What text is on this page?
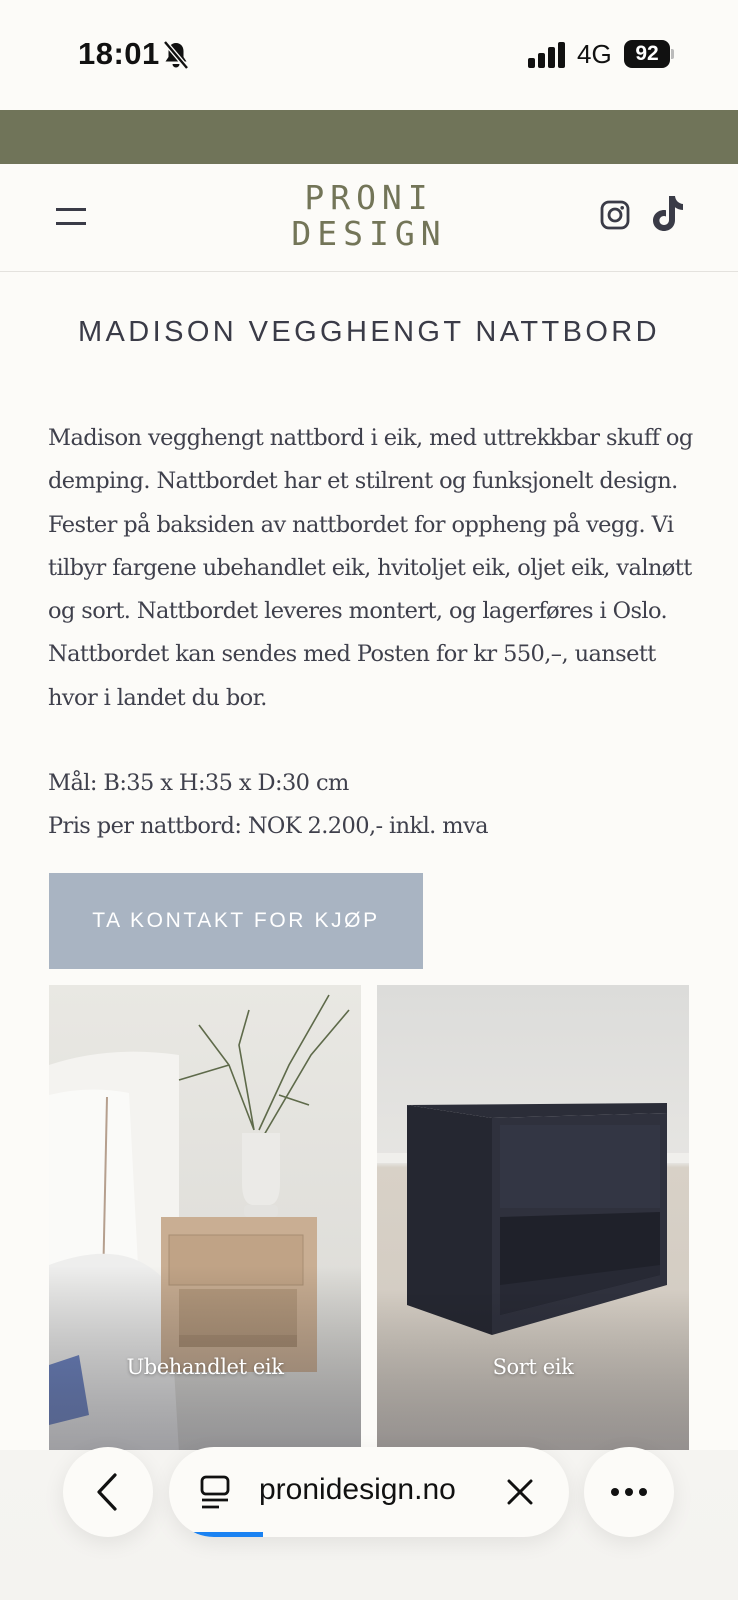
18:01	4G	92
PRONI
DESIGN
MADISON VEGGHENGT NATTBORD

Madison vegghengt nattbord i eik, med uttrekkbar skuff og demping. Nattbordet har et stilrent og funksjonelt design. Fester på baksiden av nattbordet for oppheng på vegg. Vi tilbyr fargene ubehandlet eik, hvitoljet eik, oljet eik, valnøtt og sort. Nattbordet leveres montert, og lagerføres i Oslo. Nattbordet kan sendes med Posten for kr 550,–, uansett hvor i landet du bor.

Mål: B:35 x H:35 x D:30 cm
Pris per nattbord: NOK 2.200,- inkl. mva
TA KONTAKT FOR KJØP
Ubehandlet eik	Sort eik
pronidesign.no
